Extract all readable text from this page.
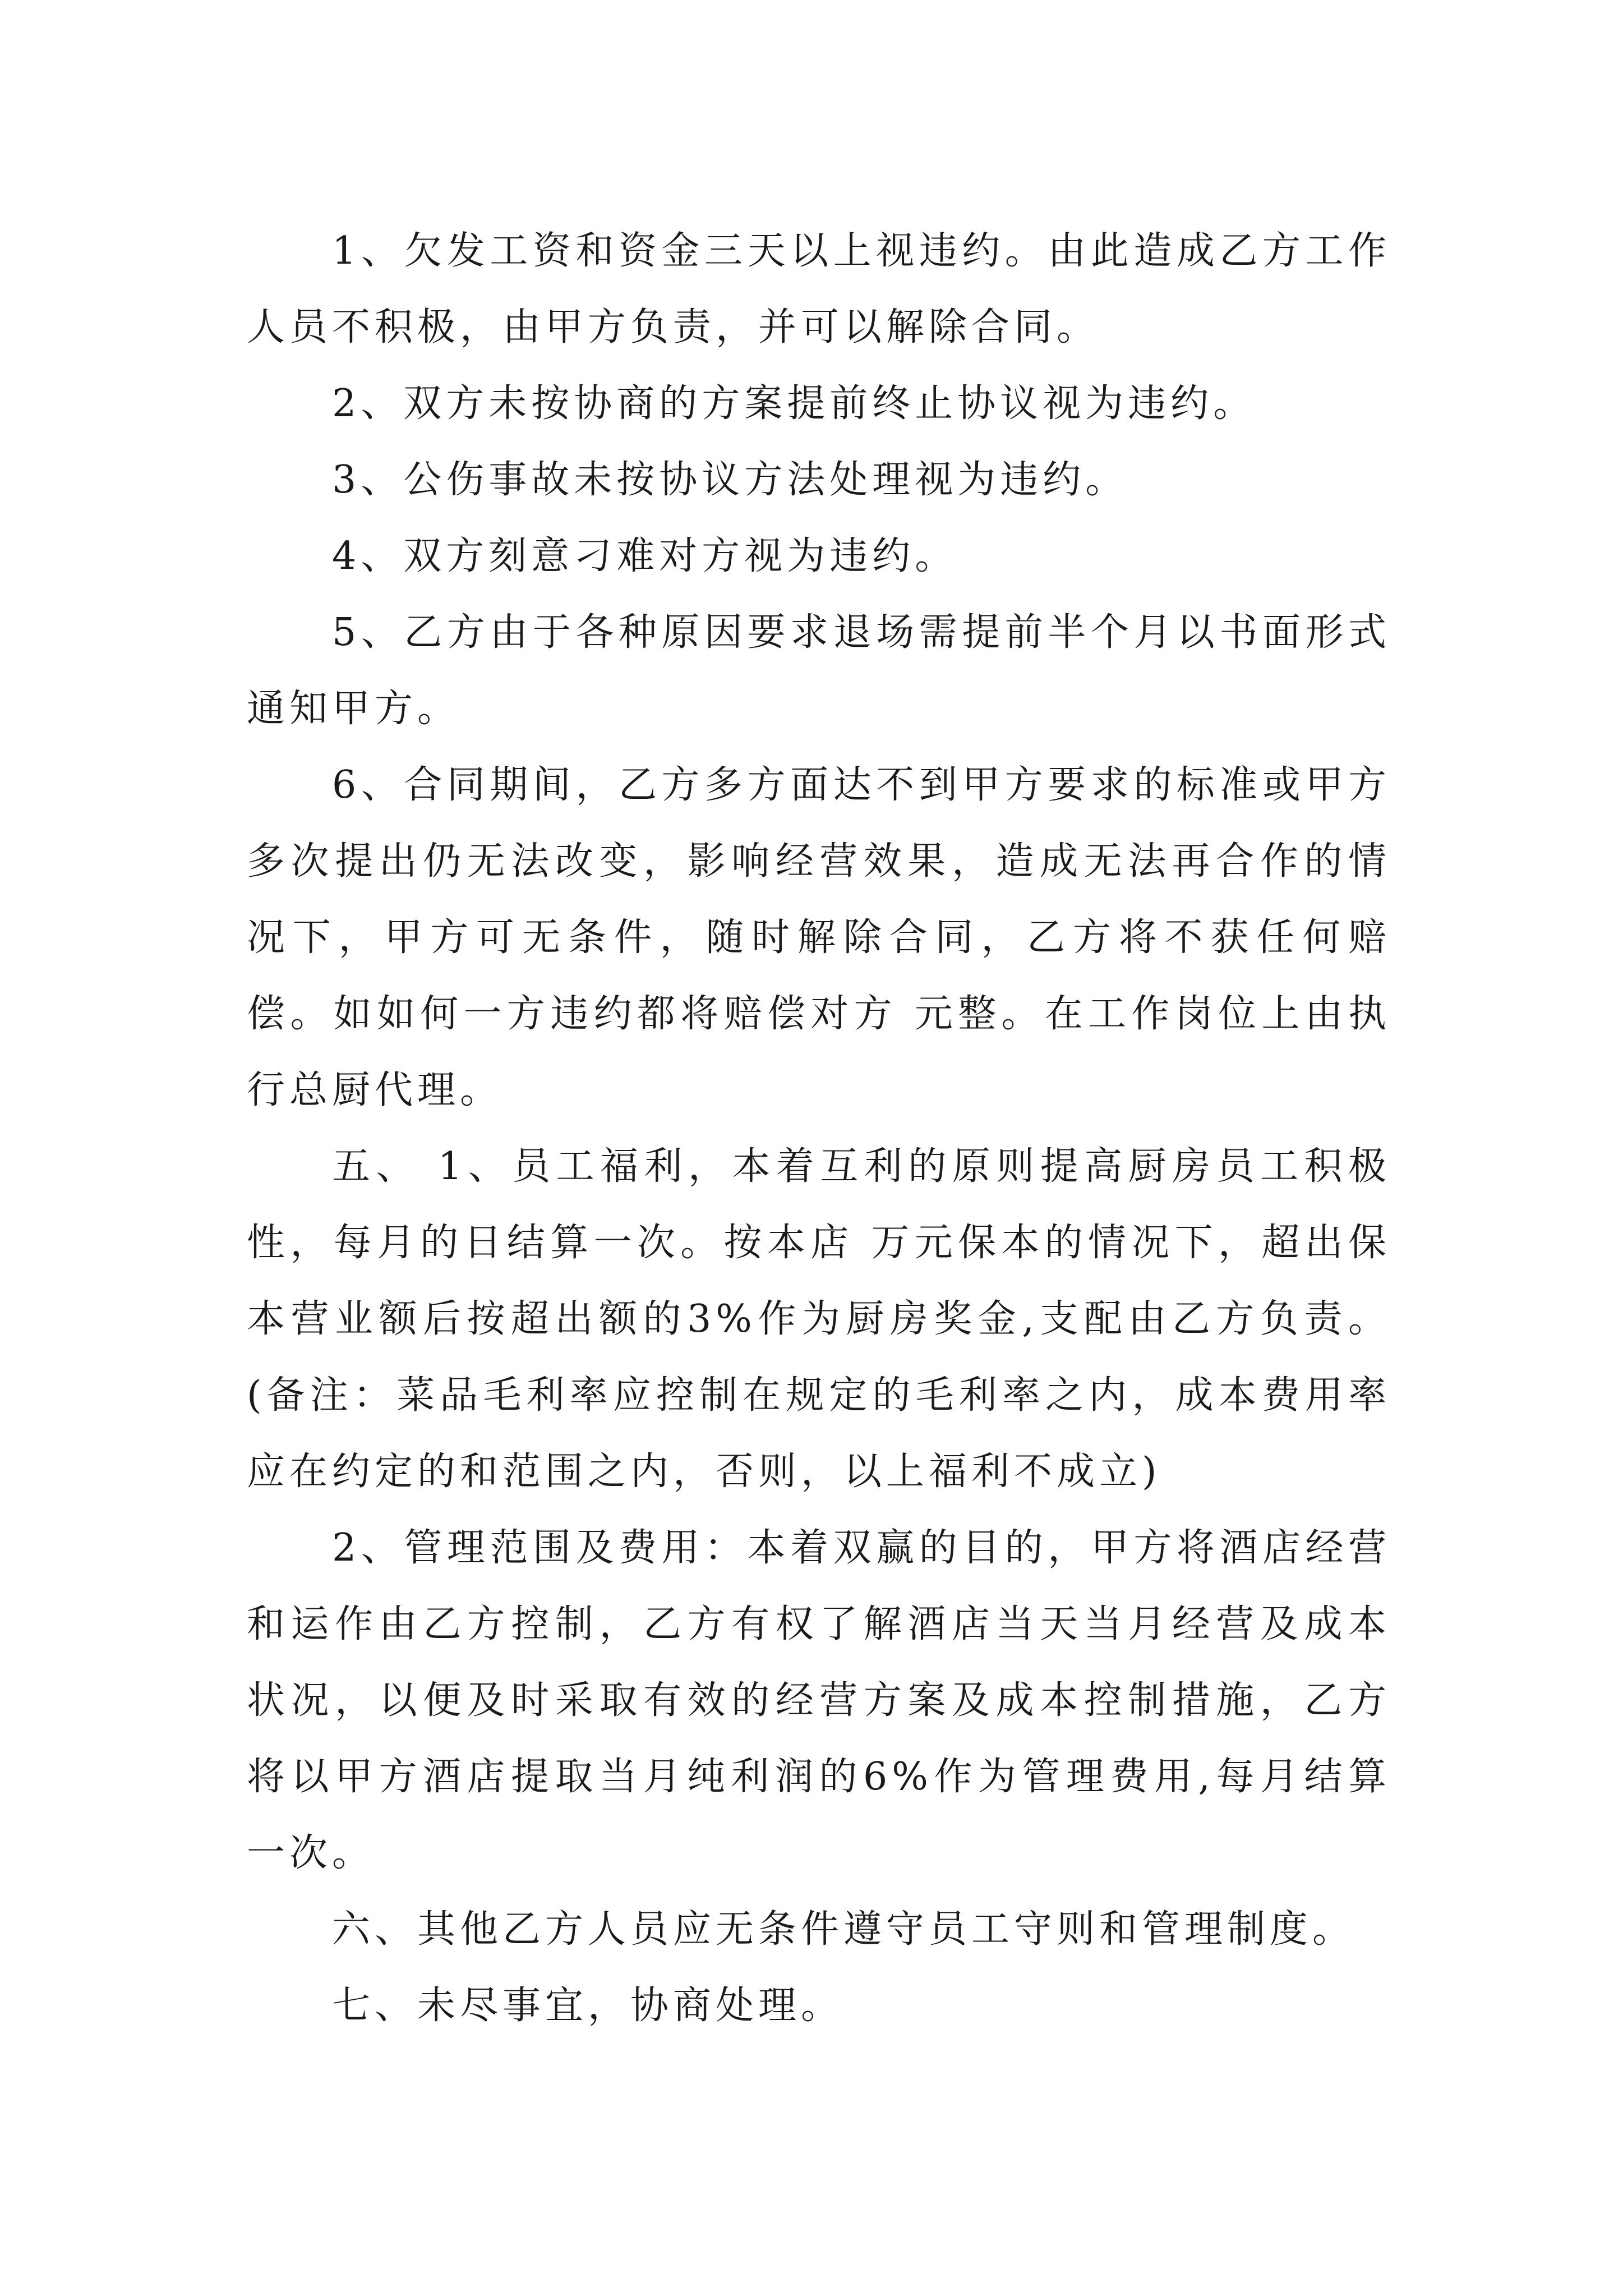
1、欠发工资和资金三天以上视违约。由此造成乙方工作人员不积极，由甲方负责，并可以解除合同。

2、双方未按协商的方案提前终止协议视为违约。

3、公伤事故未按协议方法处理视为违约。

4、双方刻意刁难对方视为违约。

5、乙方由于各种原因要求退场需提前半个月以书面形式通知甲方。

6、合同期间，乙方多方面达不到甲方要求的标准或甲方多次提出仍无法改变，影响经营效果，造成无法再合作的情况下，甲方可无条件，随时解除合同，乙方将不获任何赔偿。如如何一方违约都将赔偿对方 元整。在工作岗位上由执行总厨代理。

五、 1、员工福利，本着互利的原则提高厨房员工积极性，每月的日结算一次。按本店 万元保本的情况下，超出保本营业额后按超出额的3%作为厨房奖金,支配由乙方负责。(备注：菜品毛利率应控制在规定的毛利率之内，成本费用率应在约定的和范围之内，否则，以上福利不成立)

2、管理范围及费用：本着双赢的目的，甲方将酒店经营和运作由乙方控制，乙方有权了解酒店当天当月经营及成本状况，以便及时采取有效的经营方案及成本控制措施，乙方将以甲方酒店提取当月纯利润的6%作为管理费用,每月结算一次。

六、其他乙方人员应无条件遵守员工守则和管理制度。

七、未尽事宜，协商处理。
